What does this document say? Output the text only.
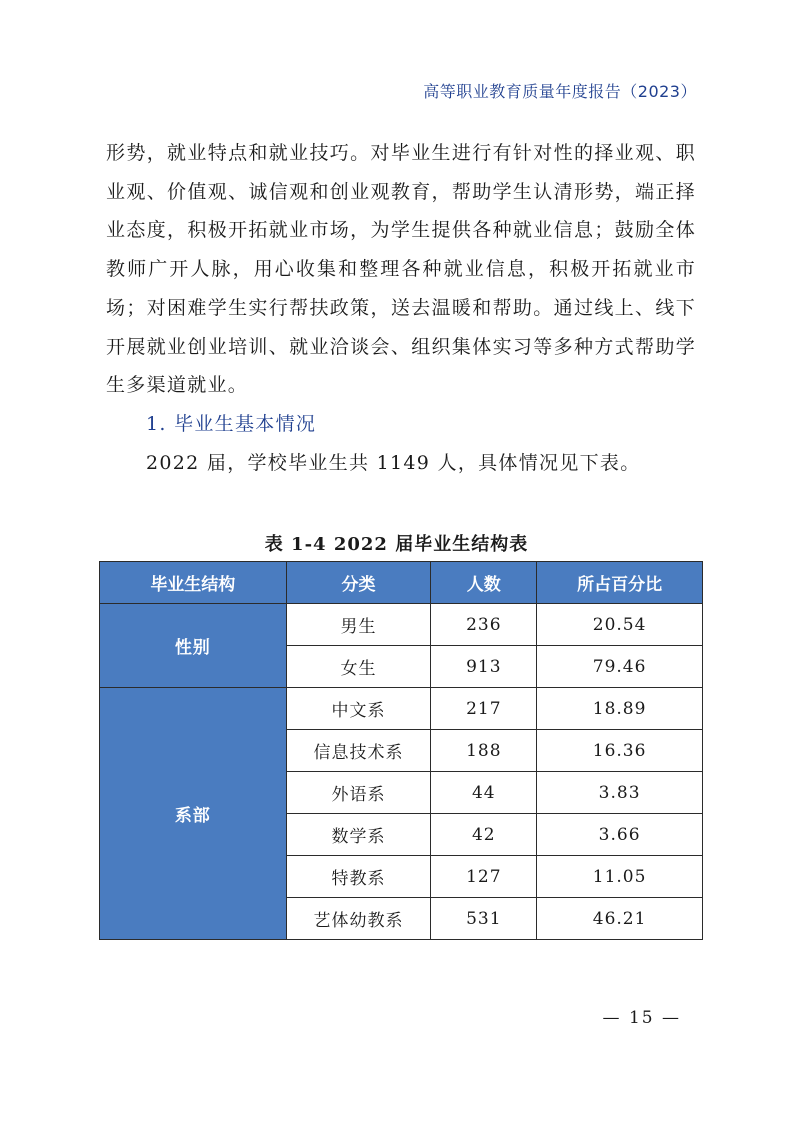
高等职业教育质量年度报告（2023）

形势，就业特点和就业技巧。对毕业生进行有针对性的择业观、职业观、价值观、诚信观和创业观教育，帮助学生认清形势，端正择业态度，积极开拓就业市场，为学生提供各种就业信息；鼓励全体教师广开人脉，用心收集和整理各种就业信息，积极开拓就业市场；对困难学生实行帮扶政策，送去温暖和帮助。通过线上、线下开展就业创业培训、就业洽谈会、组织集体实习等多种方式帮助学生多渠道就业。

1. 毕业生基本情况

2022 届，学校毕业生共 1149 人，具体情况见下表。

表 1-4 2022 届毕业生结构表
毕业生结构	分类	人数	所占百分比
性别	男生	236	20.54
	女生	913	79.46
系部	中文系	217	18.89
	信息技术系	188	16.36
	外语系	44	3.83
	数学系	42	3.66
	特教系	127	11.05
	艺体幼教系	531	46.21
— 15 —
